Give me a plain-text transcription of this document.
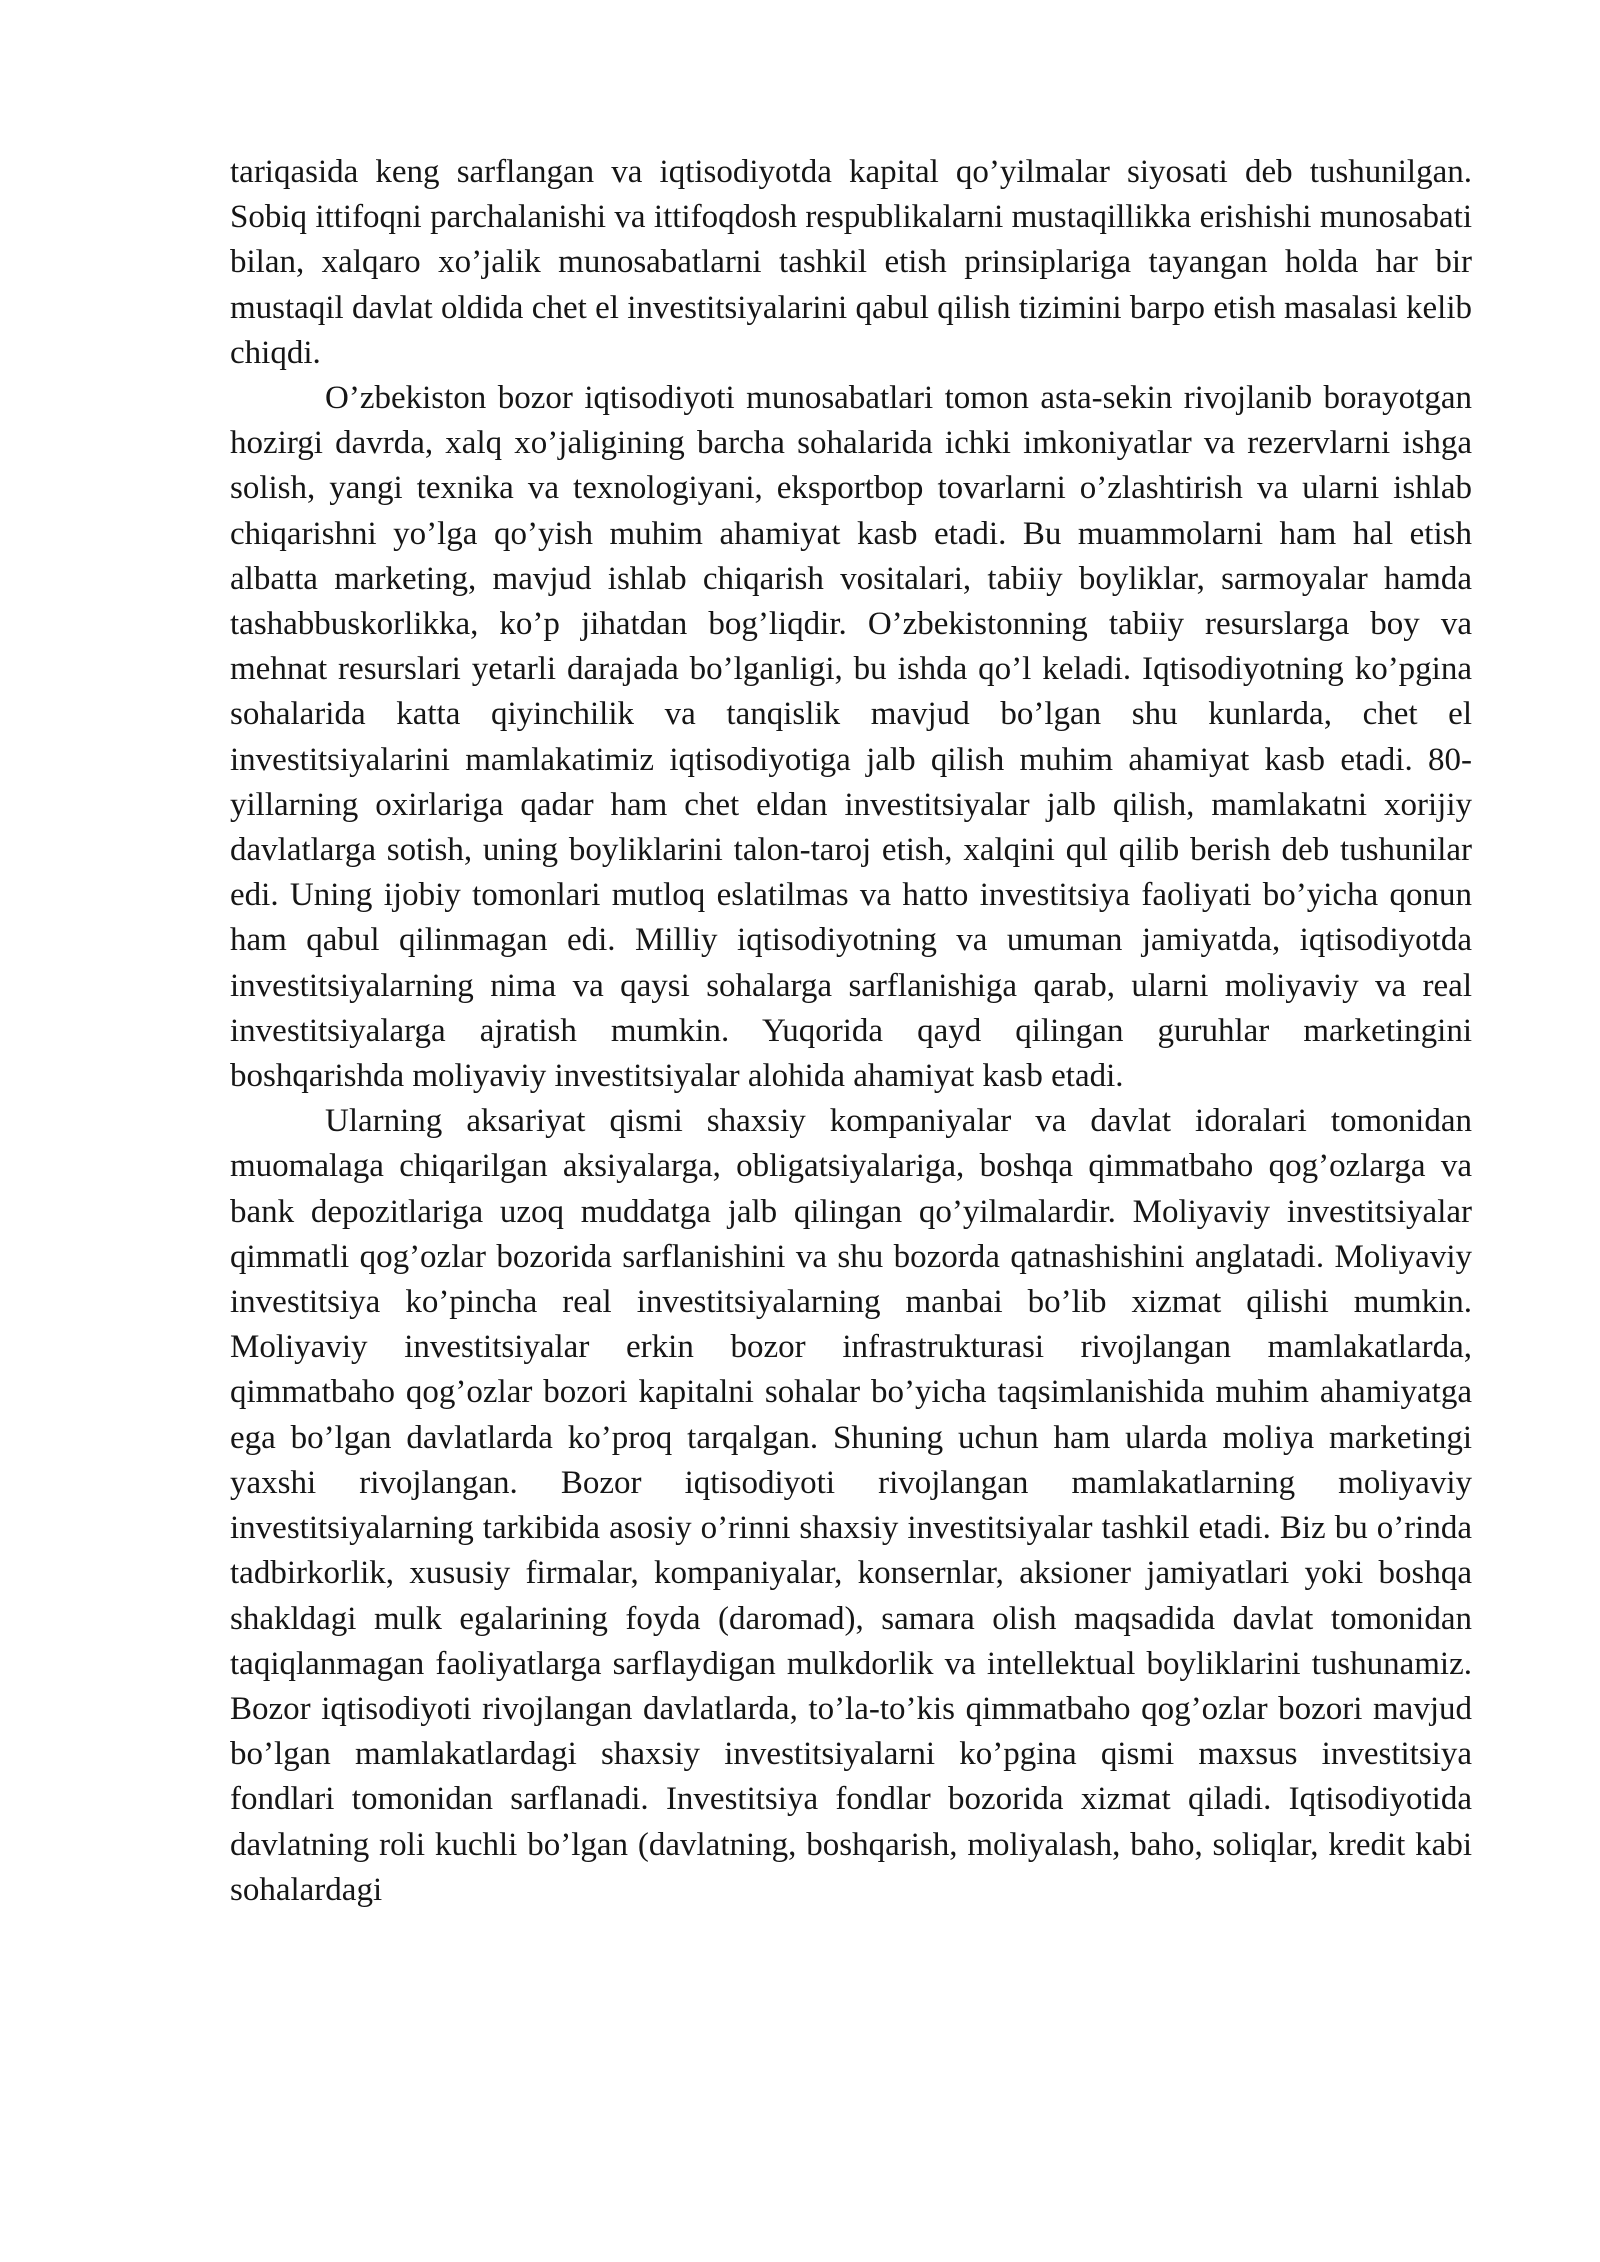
tariqasida keng sarflangan va iqtisodiyotda kapital qo’yilmalar siyosati deb tushunilgan. Sobiq ittifoqni parchalanishi va ittifoqdosh respublikalarni mustaqillikka erishishi munosabati bilan, xalqaro xo’jalik munosabatlarni tashkil etish prinsiplariga tayangan holda har bir mustaqil davlat oldida chet el investitsiyalarini qabul qilish tizimini barpo etish masalasi kelib chiqdi.

O’zbekiston bozor iqtisodiyoti munosabatlari tomon asta-sekin rivojlanib borayotgan hozirgi davrda, xalq xo’jaligining barcha sohalarida ichki imkoniyatlar va rezervlarni ishga solish, yangi texnika va texnologiyani, eksportbop tovarlarni o’zlashtirish va ularni ishlab chiqarishni yo’lga qo’yish muhim ahamiyat kasb etadi. Bu muammolarni ham hal etish albatta marketing, mavjud ishlab chiqarish vositalari, tabiiy boyliklar, sarmoyalar hamda tashabbuskorlikka, ko’p jihatdan bog’liqdir. O’zbekistonning tabiiy resurslarga boy va mehnat resurslari yetarli darajada bo’lganligi, bu ishda qo’l keladi. Iqtisodiyotning ko’pgina sohalarida katta qiyinchilik va tanqislik mavjud bo’lgan shu kunlarda, chet el investitsiyalarini mamlakatimiz iqtisodiyotiga jalb qilish muhim ahamiyat kasb etadi. 80-yillarning oxirlariga qadar ham chet eldan investitsiyalar jalb qilish, mamlakatni xorijiy davlatlarga sotish, uning boyliklarini talon-taroj etish, xalqini qul qilib berish deb tushunilar edi. Uning ijobiy tomonlari mutloq eslatilmas va hatto investitsiya faoliyati bo’yicha qonun ham qabul qilinmagan edi. Milliy iqtisodiyotning va umuman jamiyatda, iqtisodiyotda investitsiyalarning nima va qaysi sohalarga sarflanishiga qarab, ularni moliyaviy va real investitsiyalarga ajratish mumkin. Yuqorida qayd qilingan guruhlar marketingini boshqarishda moliyaviy investitsiyalar alohida ahamiyat kasb etadi.

Ularning aksariyat qismi shaxsiy kompaniyalar va davlat idoralari tomonidan muomalaga chiqarilgan aksiyalarga, obligatsiyalariga, boshqa qimmatbaho qog’ozlarga va bank depozitlariga uzoq muddatga jalb qilingan qo’yilmalardir. Moliyaviy investitsiyalar qimmatli qog’ozlar bozorida sarflanishini va shu bozorda qatnashishini anglatadi. Moliyaviy investitsiya ko’pincha real investitsiyalarning manbai bo’lib xizmat qilishi mumkin. Moliyaviy investitsiyalar erkin bozor infrastrukturasi rivojlangan mamlakatlarda, qimmatbaho qog’ozlar bozori kapitalni sohalar bo’yicha taqsimlanishida muhim ahamiyatga ega bo’lgan davlatlarda ko’proq tarqalgan. Shuning uchun ham ularda moliya marketingi yaxshi rivojlangan. Bozor iqtisodiyoti rivojlangan mamlakatlarning moliyaviy investitsiyalarning tarkibida asosiy o’rinni shaxsiy investitsiyalar tashkil etadi. Biz bu o’rinda tadbirkorlik, xususiy firmalar, kompaniyalar, konsernlar, aksioner jamiyatlari yoki boshqa shakldagi mulk egalarining foyda (daromad), samara olish maqsadida davlat tomonidan taqiqlanmagan faoliyatlarga sarflaydigan mulkdorlik va intellektual boyliklarini tushunamiz. Bozor iqtisodiyoti rivojlangan davlatlarda, to’la-to’kis qimmatbaho qog’ozlar bozori mavjud bo’lgan mamlakatlardagi shaxsiy investitsiyalarni ko’pgina qismi maxsus investitsiya fondlari tomonidan sarflanadi. Investitsiya fondlar bozorida xizmat qiladi. Iqtisodiyotida davlatning roli kuchli bo’lgan (davlatning, boshqarish, moliyalash, baho, soliqlar, kredit kabi sohalardagi
